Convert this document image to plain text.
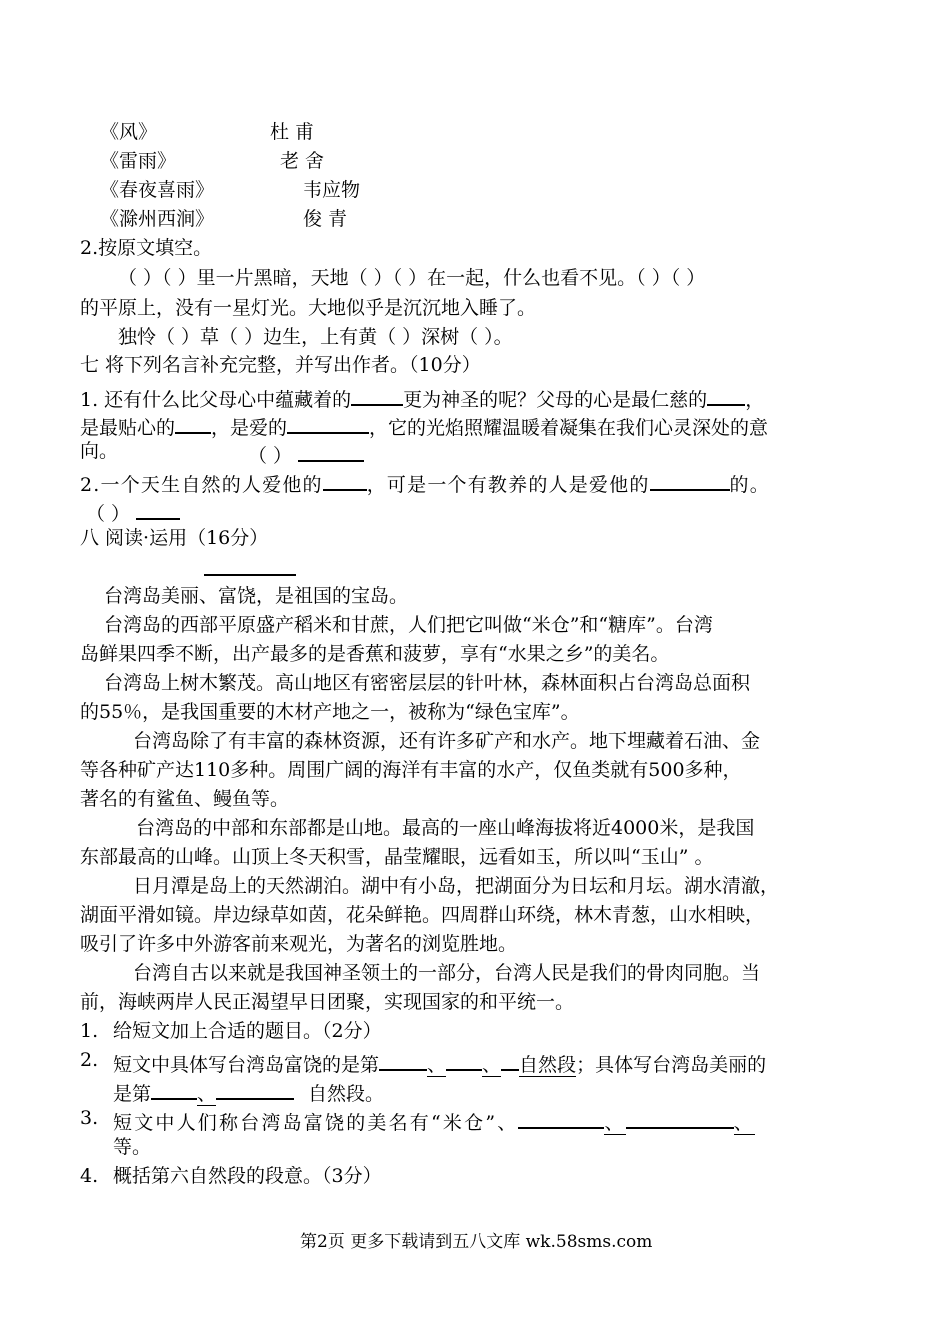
《风》	杜 甫
《雷雨》	老 舍
《春夜喜雨》	韦应物
《滁州西涧》	俊 青
2.按原文填空。
（ ）（ ）里一片黑暗，天地（ ）（ ）在一起，什么也看不见。（ ）（ ）
的平原上，没有一星灯光。大地似乎是沉沉地入睡了。
独怜（ ）草（ ）边生，上有黄（ ）深树（ ）。
七 将下列名言补充完整，并写出作者。（10分）
1. 还有什么比父母心中蕴藏着的	更为神圣的呢？父母的心是最仁慈的 ，
是最贴心的 ，是爱的	，它的光焰照耀温暖着凝集在我们心灵深处的意
向。	（ ）
2.一个天生自然的人爱他的 ，可是一个有教养的人是爱他的	的。
（ ）
八 阅读·运用（16分）
台湾岛美丽、富饶，是祖国的宝岛。
台湾岛的西部平原盛产稻米和甘蔗，人们把它叫做“米仓”和“糖库”。台湾
岛鲜果四季不断，出产最多的是香蕉和菠萝，享有“水果之乡”的美名。
台湾岛上树木繁茂。高山地区有密密层层的针叶林，森林面积占台湾岛总面积
的55％，是我国重要的木材产地之一，被称为“绿色宝库”。
台湾岛除了有丰富的森林资源，还有许多矿产和水产。地下埋藏着石油、金
等各种矿产达110多种。周围广阔的海洋有丰富的水产，仅鱼类就有500多种，
著名的有鲨鱼、鳗鱼等。
台湾岛的中部和东部都是山地。最高的一座山峰海拔将近4000米，是我国
东部最高的山峰。山顶上冬天积雪，晶莹耀眼，远看如玉，所以叫“玉山” 。
日月潭是岛上的天然湖泊。湖中有小岛，把湖面分为日坛和月坛。湖水清澈，
湖面平滑如镜。岸边绿草如茵，花朵鲜艳。四周群山环绕，林木青葱，山水相映，
吸引了许多中外游客前来观光，为著名的浏览胜地。
台湾自古以来就是我国神圣领土的一部分，台湾人民是我们的骨肉同胞。当
前，海峡两岸人民正渴望早日团聚，实现国家的和平统一。
1. 给短文加上合适的题目。（2分）
2. 短文中具体写台湾岛富饶的是第	、 、 自然段；具体写台湾岛美丽的
是第 、	自然段。
3. 短文中人们称台湾岛富饶的美名有“米仓”、	、	、
等。
4. 概括第六自然段的段意。（3分）
第2页 更多下载请到五八文库 wk.58sms.com
